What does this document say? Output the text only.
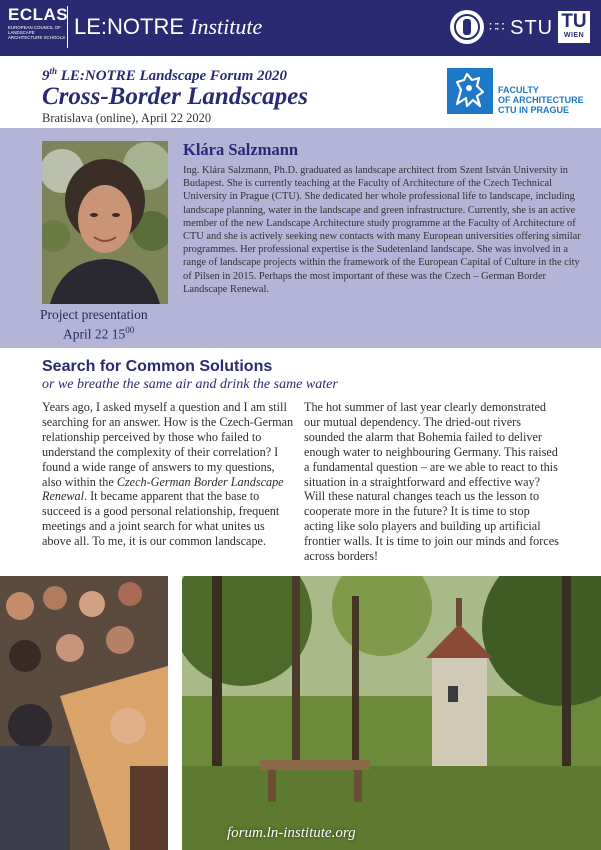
ECLAS
EUROPEAN COUNCIL OF LANDSCAPE ARCHITECTURE SCHOOLS LE:NOTRE Institute	∷∷ STU TU
WIEN
9th LE:NOTRE Landscape Forum 2020
Cross-Border Landscapes
Bratislava (online), April 22 2020
FACULTY
OF ARCHITECTURE
CTU IN PRAGUE
Project presentation
April 22 $15^{00}$
Klára Salzmann
Ing. Klára Salzmann, Ph.D. graduated as landscape architect from Szent István University in Budapest. She is currently teaching at the Faculty of Architecture of the Czech Technical University in Prague (CTU). She dedicated her whole professional life to landscape, including landscape planning, water in the landscape and green infrastructure. Currently, she is an active member of the new Landscape Architecture study programme at the Faculty of Architecture of CTU and she is actively seeking new contacts with many European universities offering similar programmes. Her professional expertise is the Sudetenland landscape. She was involved in a range of landscape projects within the framework of the European Capital of Culture in the city of Pilsen in 2015. Perhaps the most important of these was the Czech – German Border Landscape Renewal.
Search for Common Solutions
or we breathe the same air and drink the same water
Years ago, I asked myself a question and I am still searching for an answer. How is the Czech-German relationship perceived by those who failed to understand the complexity of their correlation? I found a wide range of answers to my questions, also within the Czech-German Border Landscape Renewal. It became apparent that the base to succeed is a good personal relationship, frequent meetings and a joint search for what unites us above all. To me, it is our common landscape.
The hot summer of last year clearly demonstrated our mutual dependency. The dried-out rivers sounded the alarm that Bohemia failed to deliver enough water to neighbouring Germany. This raised a fundamental question – are we able to react to this situation in a straightforward and effective way? Will these natural changes teach us the lesson to cooperate more in the future? It is time to stop acting like solo players and building up artificial frontier walls. It is time to join our minds and forces across borders!
forum.ln-institute.org
